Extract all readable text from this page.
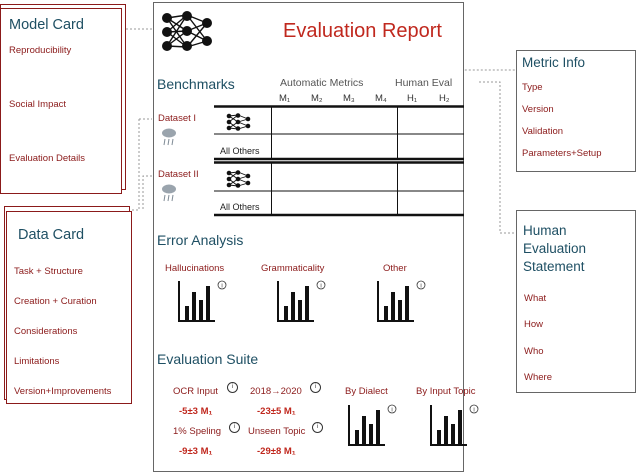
Model Card
Reproducibility
Social Impact
Evaluation Details
Data Card
Task + Structure
Creation + Curation
Considerations
Limitations
Version+Improvements
Evaluation Report
Benchmarks	Automatic Metrics	Human Eval
M₁ M₂ M₃ M₄ H₁ H₂
Dataset I
All Others
Dataset II
All Others
Error Analysis
Hallucinations	Grammaticality	Other
Evaluation Suite
OCR Input	i
-5±3 M₁
2018→2020	i
-23±5 M₁
1% Speling	i
-9±3 M₁
Unseen Topic	i
-29±8 M₁
By Dialect	By Input Topic
i	i	i
i	i
Metric Info
Type
Version
Validation
Parameters+Setup
Human
Evaluation
Statement
What
How
Who
Where
